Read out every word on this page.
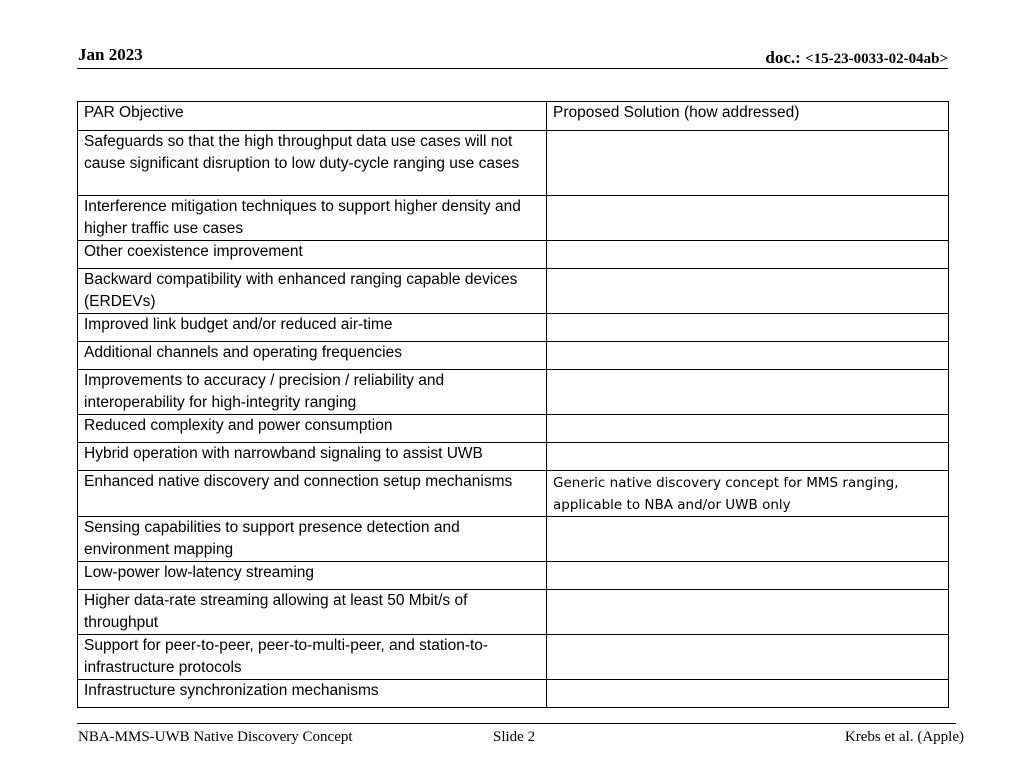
Jan 2023	doc.: <15-23-0033-02-04ab>
PAR Objective	Proposed Solution (how addressed)
Safeguards so that the high throughput data use cases will not cause significant disruption to low duty-cycle ranging use cases	
Interference mitigation techniques to support higher density and higher traffic use cases	
Other coexistence improvement	
Backward compatibility with enhanced ranging capable devices (ERDEVs)	
Improved link budget and/or reduced air-time	
Additional channels and operating frequencies	
Improvements to accuracy / precision / reliability and interoperability for high-integrity ranging	
Reduced complexity and power consumption	
Hybrid operation with narrowband signaling to assist UWB	
Enhanced native discovery and connection setup mechanisms	Generic native discovery concept for MMS ranging, applicable to NBA and/or UWB only

Sensing capabilities to support presence detection and environment mapping	
Low-power low-latency streaming	
Higher data-rate streaming allowing at least 50 Mbit/s of throughput	
Support for peer-to-peer, peer-to-multi-peer, and station-to-infrastructure protocols	
Infrastructure synchronization mechanisms	
NBA-MMS-UWB Native Discovery Concept	Slide 2	Krebs et al. (Apple)
